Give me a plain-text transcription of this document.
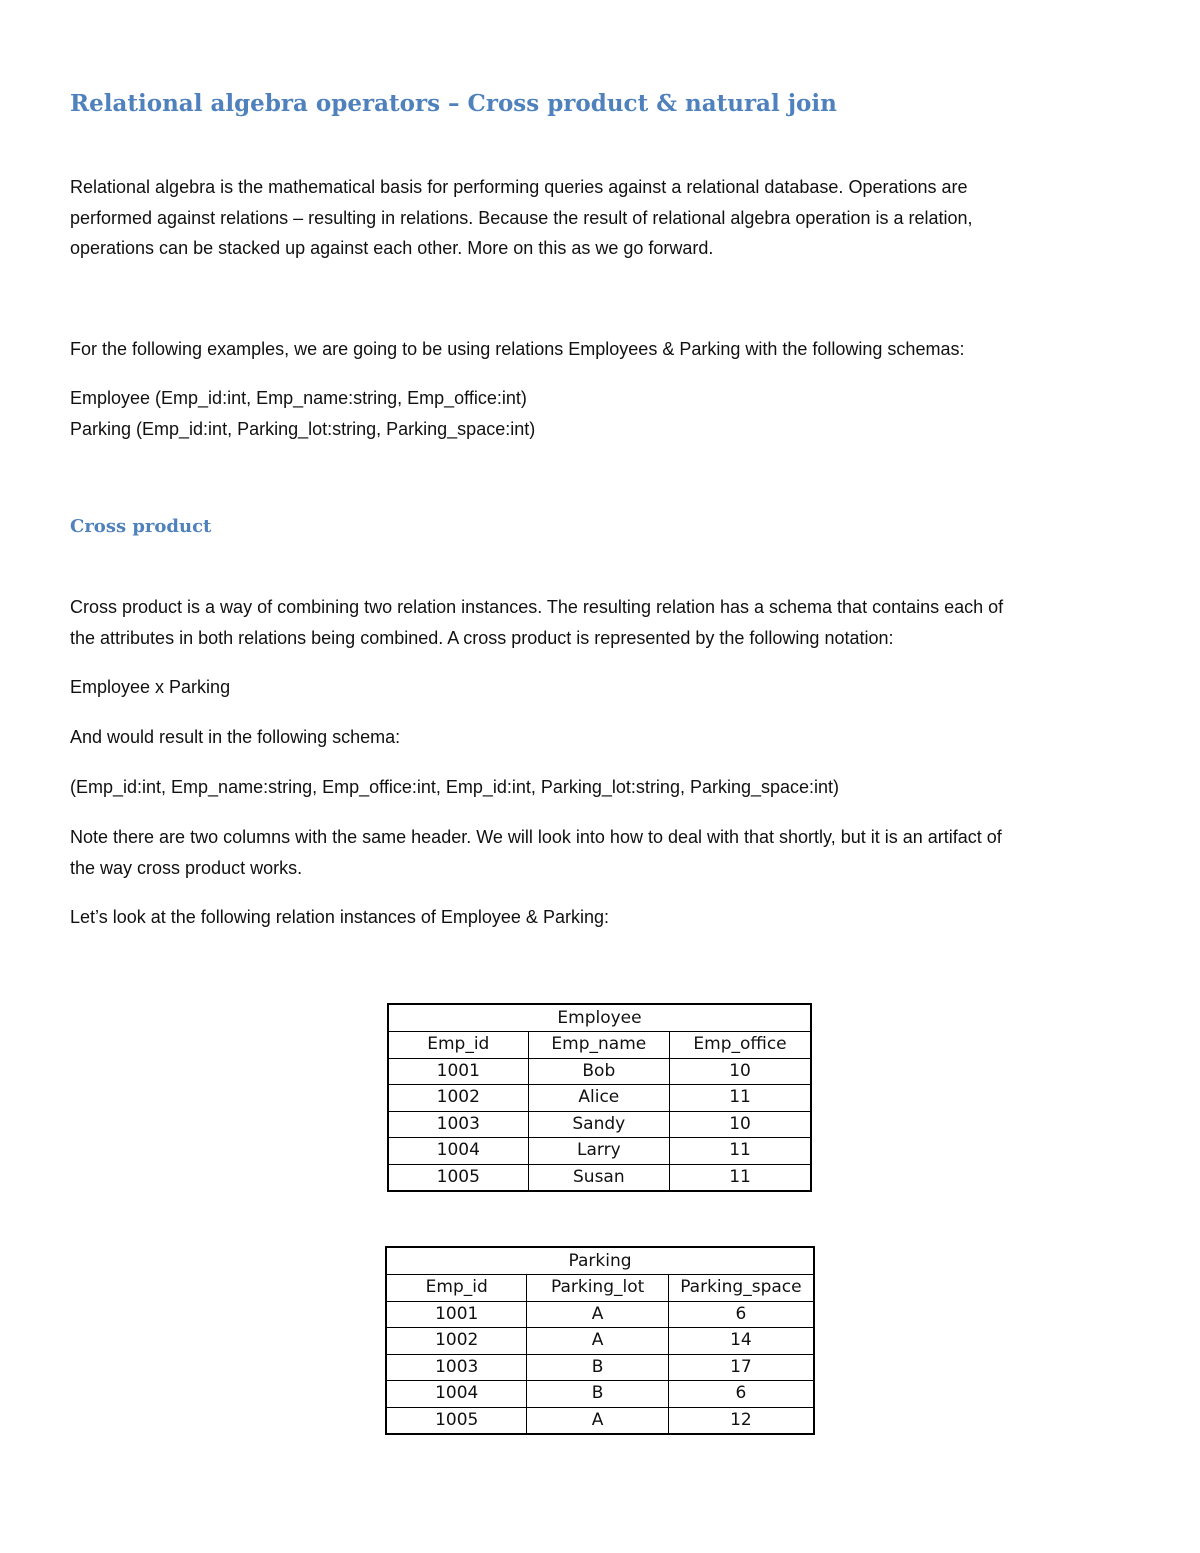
Relational algebra operators – Cross product & natural join

Relational algebra is the mathematical basis for performing queries against a relational database. Operations are
performed against relations – resulting in relations. Because the result of relational algebra operation is a relation,
operations can be stacked up against each other. More on this as we go forward.

For the following examples, we are going to be using relations Employees & Parking with the following schemas:

Employee (Emp_id:int, Emp_name:string, Emp_office:int)
Parking (Emp_id:int, Parking_lot:string, Parking_space:int)

Cross product

Cross product is a way of combining two relation instances. The resulting relation has a schema that contains each of
the attributes in both relations being combined. A cross product is represented by the following notation:

Employee x Parking

And would result in the following schema:

(Emp_id:int, Emp_name:string, Emp_office:int, Emp_id:int, Parking_lot:string, Parking_space:int)

Note there are two columns with the same header. We will look into how to deal with that shortly, but it is an artifact of
the way cross product works.

Let’s look at the following relation instances of Employee & Parking:

Employee		
Emp_id	Emp_name	Emp_office
1001	Bob	10
1002	Alice	11
1003	Sandy	10
1004	Larry	11
1005	Susan	11
Parking		
Emp_id	Parking_lot	Parking_space
1001	A	6
1002	A	14
1003	B	17
1004	B	6
1005	A	12
